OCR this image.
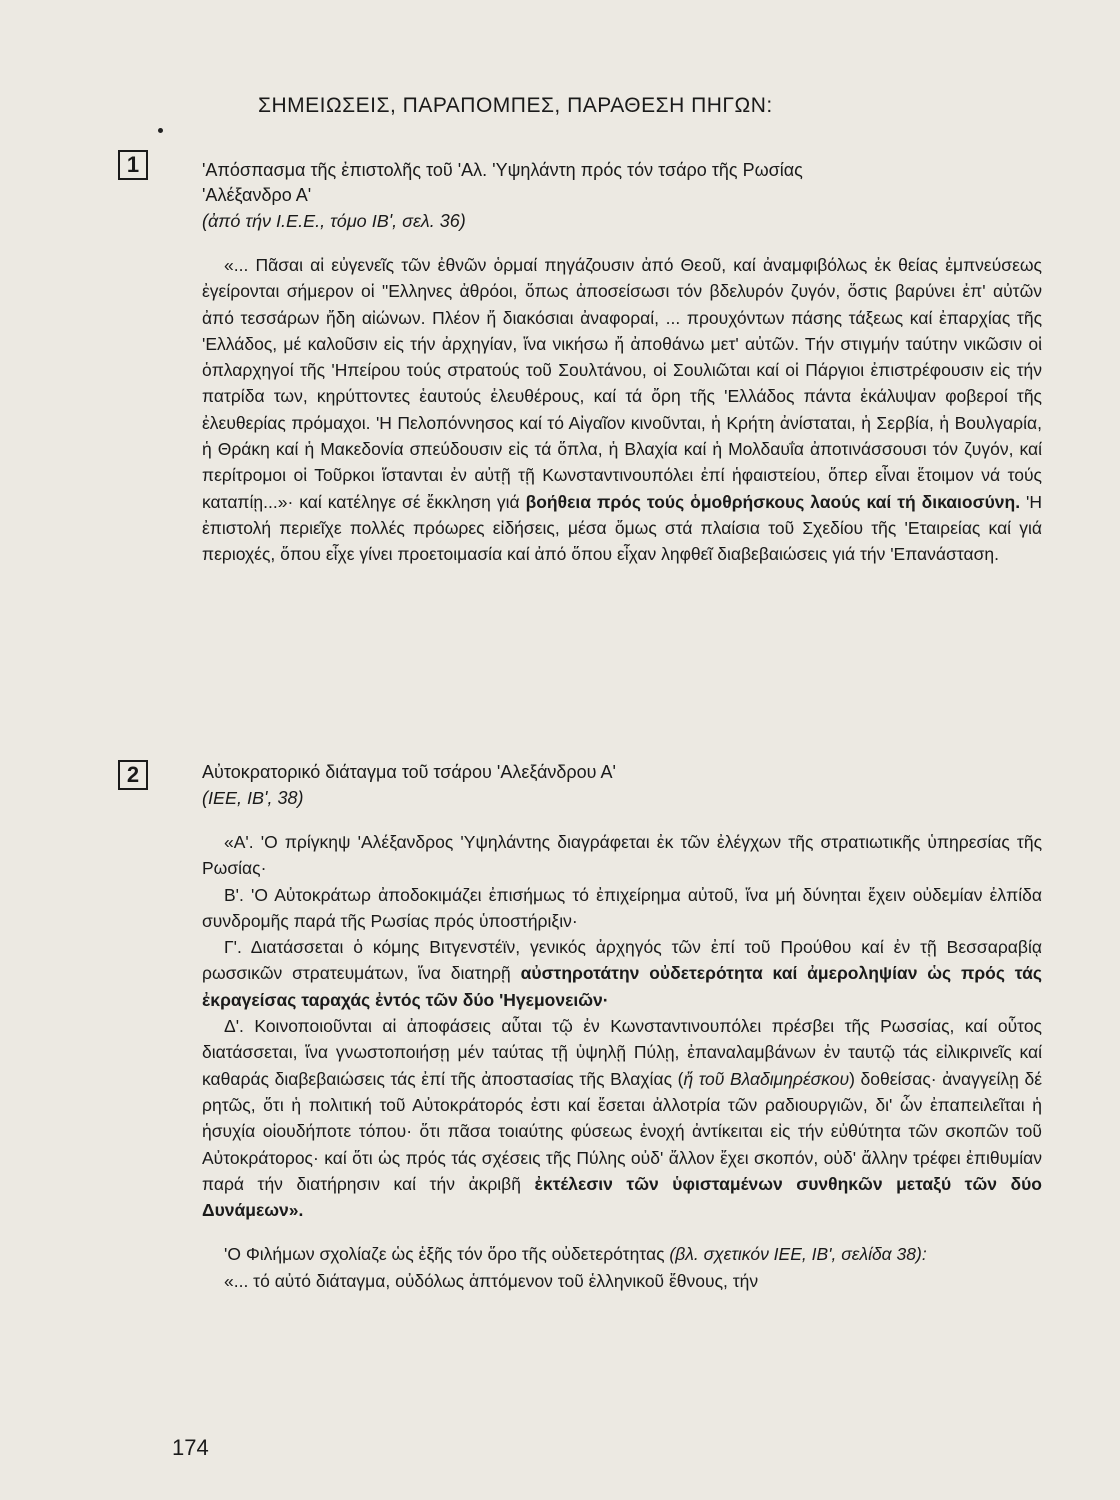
ΣΗΜΕΙΩΣΕΙΣ, ΠΑΡΑΠΟΜΠΕΣ, ΠΑΡΑΘΕΣΗ ΠΗΓΩΝ:
1	'Απόσπασμα τῆς ἐπιστολῆς τοῦ 'Αλ. 'Υψηλάντη πρός τόν τσάρο τῆς Ρωσίας
'Αλέξανδρο Α'
(ἀπό τήν Ι.Ε.Ε., τόμο ΙΒ', σελ. 36)

«... Πᾶσαι αἱ εὐγενεῖς τῶν ἐθνῶν ὁρμαί πηγάζουσιν ἀπό Θεοῦ, καί ἀναμφιβόλως ἐκ θείας ἐμπνεύσεως ἐγείρονται σήμερον οἱ "Ελληνες ἀθρόοι, ὅπως ἀποσείσωσι τόν βδελυρόν ζυγόν, ὅστις βαρύνει ἐπ' αὐτῶν ἀπό τεσσάρων ἤδη αἰώνων. Πλέον ἤ διακόσιαι ἀναφοραί, ... προυχόντων πάσης τάξεως καί ἐπαρχίας τῆς 'Ελλάδος, μέ καλοῦσιν εἰς τήν ἀρχηγίαν, ἵνα νικήσω ἤ ἀποθάνω μετ' αὐτῶν. Τήν στιγμήν ταύτην νικῶσιν οἱ ὁπλαρχηγοί τῆς 'Ηπείρου τούς στρατούς τοῦ Σουλτάνου, οἱ Σουλιῶται καί οἱ Πάργιοι ἐπιστρέφουσιν εἰς τήν πατρίδα των, κηρύττοντες ἑαυτούς ἐλευθέρους, καί τά ὄρη τῆς 'Ελλάδος πάντα ἐκάλυψαν φοβεροί τῆς ἐλευθερίας πρόμαχοι. 'Η Πελοπόννησος καί τό Αἰγαῖον κινοῦνται, ἡ Κρήτη ἀνίσταται, ἡ Σερβία, ἡ Βουλγαρία, ἡ Θράκη καί ἡ Μακεδονία σπεύδουσιν εἰς τά ὅπλα, ἡ Βλαχία καί ἡ Μολδαυΐα ἀποτινάσσουσι τόν ζυγόν, καί περίτρομοι οἱ Τοῦρκοι ἵστανται ἐν αὐτῇ τῇ Κωνσταντινουπόλει ἐπί ἡφαιστείου, ὅπερ εἶναι ἕτοιμον νά τούς καταπίῃ...»· καί κατέληγε σέ ἔκκληση γιά βοήθεια πρός τούς ὁμοθρήσκους λαούς καί τή δικαιοσύνη. 'Η ἐπιστολή περιεῖχε πολλές πρόωρες εἰδήσεις, μέσα ὅμως στά πλαίσια τοῦ Σχεδίου τῆς 'Εταιρείας καί γιά περιοχές, ὅπου εἶχε γίνει προετοιμασία καί ἀπό ὅπου εἶχαν ληφθεῖ διαβεβαιώσεις γιά τήν 'Επανάσταση.

2	Αὐτοκρατορικό διάταγμα τοῦ τσάρου 'Αλεξάνδρου Α'
(ΙΕΕ, ΙΒ', 38)

«Α'. 'Ο πρίγκηψ 'Αλέξανδρος 'Υψηλάντης διαγράφεται ἐκ τῶν ἐλέγχων τῆς στρατιωτικῆς ὑπηρεσίας τῆς Ρωσίας·

Β'. 'Ο Αὐτοκράτωρ ἀποδοκιμάζει ἐπισήμως τό ἐπιχείρημα αὐτοῦ, ἵνα μή δύνηται ἔχειν οὐδεμίαν ἐλπίδα συνδρομῆς παρά τῆς Ρωσίας πρός ὑποστήριξιν·

Γ'. Διατάσσεται ὁ κόμης Βιτγενστέϊν, γενικός ἀρχηγός τῶν ἐπί τοῦ Προύθου καί ἐν τῇ Βεσσαραβίᾳ ρωσσικῶν στρατευμάτων, ἵνα διατηρῇ αὐστηροτάτην οὐδετερότητα καί ἀμεροληψίαν ὡς πρός τάς ἐκραγείσας ταραχάς ἐντός τῶν δύο 'Ηγεμονειῶν·

Δ'. Κοινοποιοῦνται αἱ ἀποφάσεις αὗται τῷ ἐν Κωνσταντινουπόλει πρέσβει τῆς Ρωσσίας, καί οὗτος διατάσσεται, ἵνα γνωστοποιήσῃ μέν ταύτας τῇ ὑψηλῇ Πύλῃ, ἐπαναλαμβάνων ἐν ταυτῷ τάς εἰλικρινεῖς καί καθαράς διαβεβαιώσεις τάς ἐπί τῆς ἀποστασίας τῆς Βλαχίας (ἤ τοῦ Βλαδιμηρέσκου) δοθείσας· ἀναγγείλῃ δέ ρητῶς, ὅτι ἡ πολιτική τοῦ Αὐτοκράτορός ἐστι καί ἔσεται ἀλλοτρία τῶν ραδιουργιῶν, δι' ὧν ἐπαπειλεῖται ἡ ἡσυχία οἱουδήποτε τόπου· ὅτι πᾶσα τοιαύτης φύσεως ἐνοχή ἀντίκειται εἰς τήν εὐθύτητα τῶν σκοπῶν τοῦ Αὐτοκράτορος· καί ὅτι ὡς πρός τάς σχέσεις τῆς Πύλης οὐδ' ἄλλον ἔχει σκοπόν, οὐδ' ἄλλην τρέφει ἐπιθυμίαν παρά τήν διατήρησιν καί τήν ἀκριβῆ ἐκτέλεσιν τῶν ὑφισταμένων συνθηκῶν μεταξύ τῶν δύο Δυνάμεων».

'Ο Φιλήμων σχολίαζε ὡς ἑξῆς τόν ὅρο τῆς οὐδετερότητας (βλ. σχετικόν ΙΕΕ, ΙΒ', σελίδα 38):

«... τό αὐτό διάταγμα, οὐδόλως ἁπτόμενον τοῦ ἑλληνικοῦ ἔθνους, τήν

174
